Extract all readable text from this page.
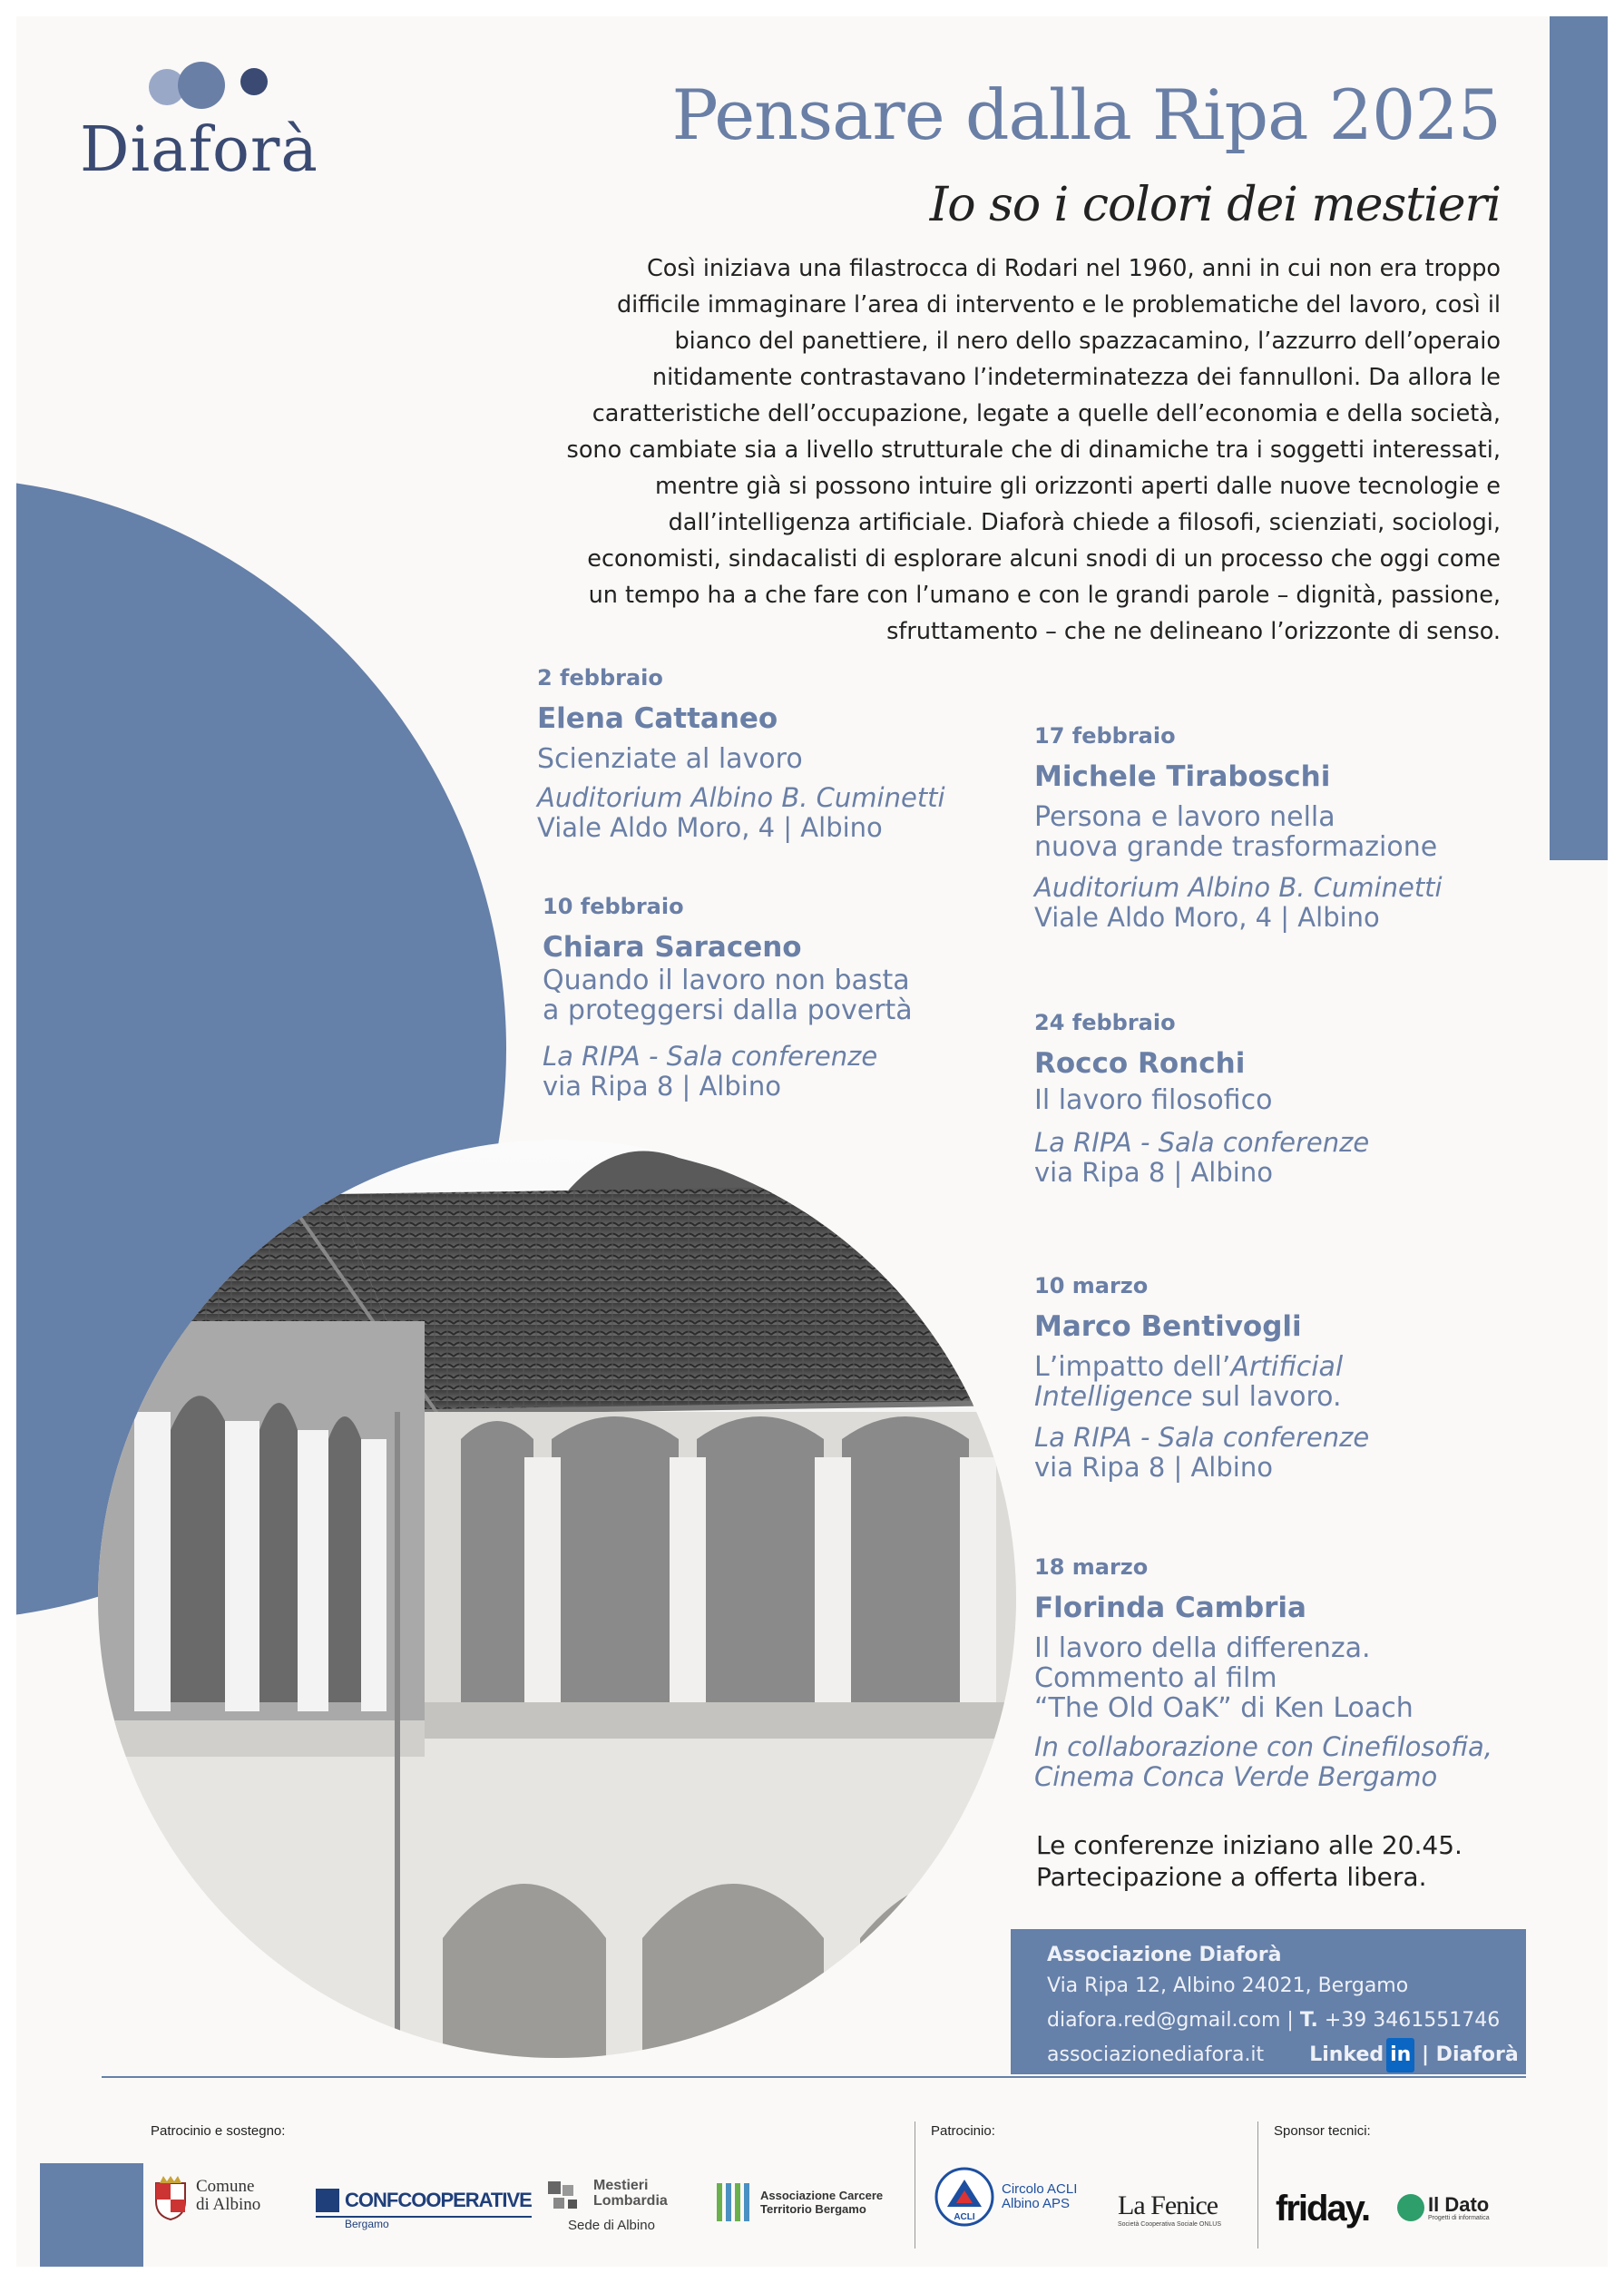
Diaforà	Pensare dalla Ripa 2025
Io so i colori dei mestieri
Così iniziava una filastrocca di Rodari nel 1960, anni in cui non era troppo
difficile immaginare l’area di intervento e le problematiche del lavoro, così il
bianco del panettiere, il nero dello spazzacamino, l’azzurro dell’operaio
nitidamente contrastavano l’indeterminatezza dei fannulloni. Da allora le
caratteristiche dell’occupazione, legate a quelle dell’economia e della società,
sono cambiate sia a livello strutturale che di dinamiche tra i soggetti interessati,
mentre già si possono intuire gli orizzonti aperti dalle nuove tecnologie e
dall’intelligenza artificiale. Diaforà chiede a filosofi, scienziati, sociologi,
economisti, sindacalisti di esplorare alcuni snodi di un processo che oggi come
un tempo ha a che fare con l’umano e con le grandi parole – dignità, passione,
sfruttamento – che ne delineano l’orizzonte di senso.
2 febbraio
Elena Cattaneo
Scienziate al lavoro
Auditorium Albino B. Cuminetti
Viale Aldo Moro, 4 | Albino
10 febbraio
Chiara Saraceno
Quando il lavoro non basta
a proteggersi dalla povertà
La RIPA - Sala conferenze
via Ripa 8 | Albino
17 febbraio
Michele Tiraboschi
Persona e lavoro nella
nuova grande trasformazione
Auditorium Albino B. Cuminetti
Viale Aldo Moro, 4 | Albino
24 febbraio
Rocco Ronchi
Il lavoro filosofico
La RIPA - Sala conferenze
via Ripa 8 | Albino
10 marzo
Marco Bentivogli
L’impatto dell’Artificial
Intelligence sul lavoro.
La RIPA - Sala conferenze
via Ripa 8 | Albino
18 marzo
Florinda Cambria
Il lavoro della differenza.
Commento al film
“The Old OaK” di Ken Loach
In collaborazione con Cinefilosofia,
Cinema Conca Verde Bergamo
Le conferenze iniziano alle 20.45.
Partecipazione a offerta libera.
Associazione Diaforà
Via Ripa 12, Albino 24021, Bergamo
diafora.red@gmail.com | T. +39 3461551746
associazionediafora.it Linked in | Diaforà
Patrocinio e sostegno:	Patrocinio:	Sponsor tecnici:
Comune
di Albino	CONFCOOPERATIVE
Bergamo
Mestieri
Lombardia
Sede di Albino
Associazione Carcere
Territorio Bergamo
ACLI
Circolo ACLI
Albino APS La Fenice
Società Cooperativa Sociale ONLUS friday.	Il Dato
Progetti di informatica
